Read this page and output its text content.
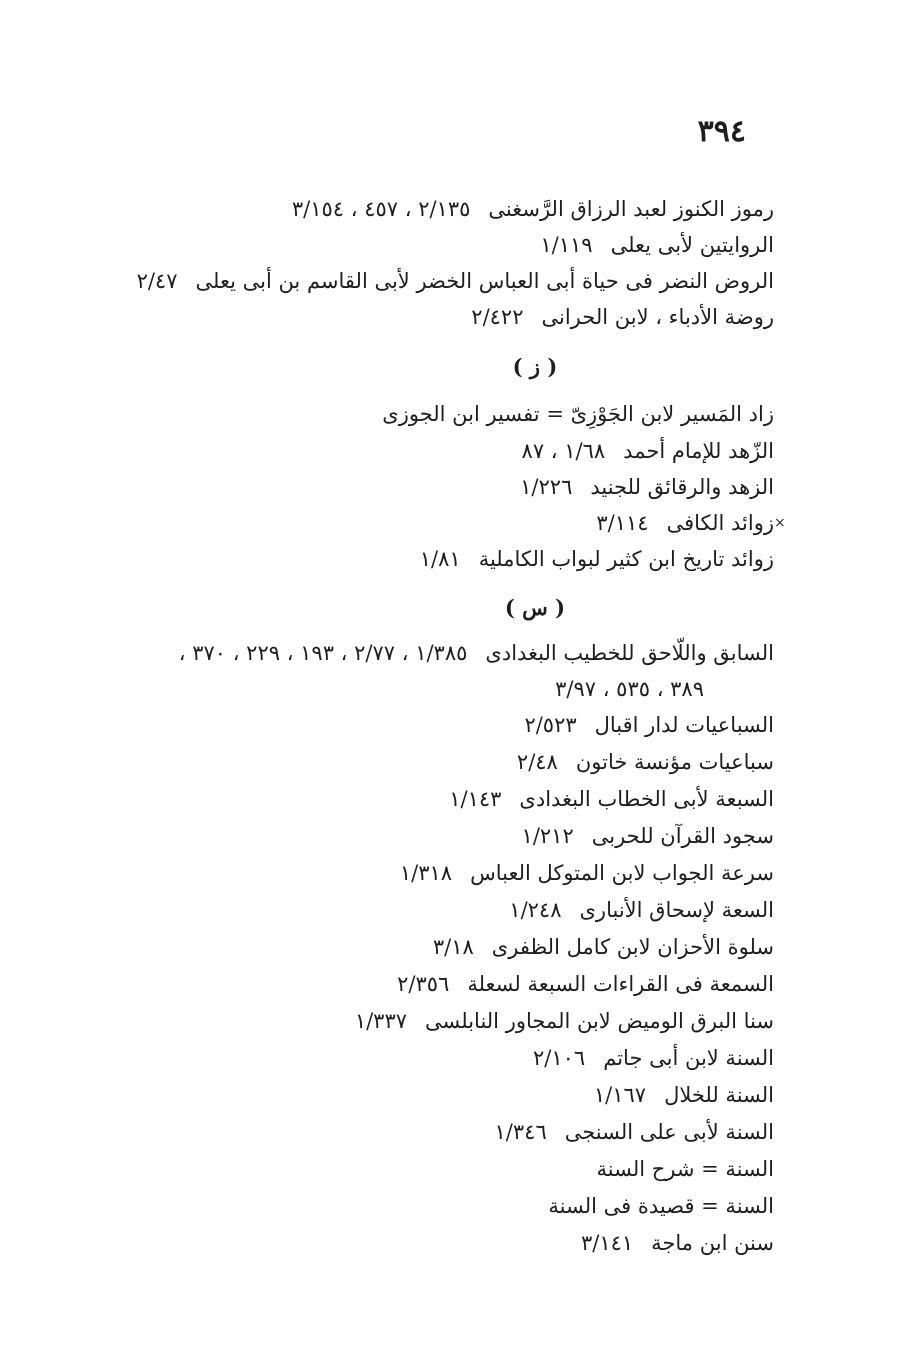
٣٩٤
رموز الكنوز لعبد الرزاق الرَّسغنى٢/١٣٥ ، ٤٥٧ ، ٣/١٥٤
الروايتين لأبى يعلى١/١١٩
الروض النضر فى حياة أبى العباس الخضر لأبى القاسم بن أبى يعلى٢/٤٧
روضة الأدباء ، لابن الحرانى٢/٤٢٢
( ز )
زاد المَسير لابن الجَوْزِىّ = تفسير ابن الجوزى
الزّهد للإمام أحمد١/٦٨ ، ٨٧
الزهد والرقائق للجنيد١/٢٢٦
زوائد الكافى٣/١١٤	×
زوائد تاريخ ابن كثير لبواب الكاملية١/٨١
( س )
السابق واللّاحق للخطيب البغدادى١/٣٨٥ ، ٢/٧٧ ، ١٩٣ ، ٢٢٩ ، ٣٧٠ ،
٣٨٩ ، ٥٣٥ ، ٣/٩٧
السباعيات لدار اقبال٢/٥٢٣
سباعيات مؤنسة خاتون٢/٤٨
السبعة لأبى الخطاب البغدادى١/١٤٣
سجود القرآن للحربى١/٢١٢
سرعة الجواب لابن المتوكل العباس١/٣١٨
السعة لإسحاق الأنبارى١/٢٤٨
سلوة الأحزان لابن كامل الظفرى٣/١٨
السمعة فى القراءات السبعة لسعلة٢/٣٥٦
سنا البرق الوميض لابن المجاور النابلسى١/٣٣٧
السنة لابن أبى جاتم٢/١٠٦
السنة للخلال١/١٦٧
السنة لأبى على السنجى١/٣٤٦
السنة = شرح السنة
السنة = قصيدة فى السنة
سنن ابن ماجة٣/١٤١
